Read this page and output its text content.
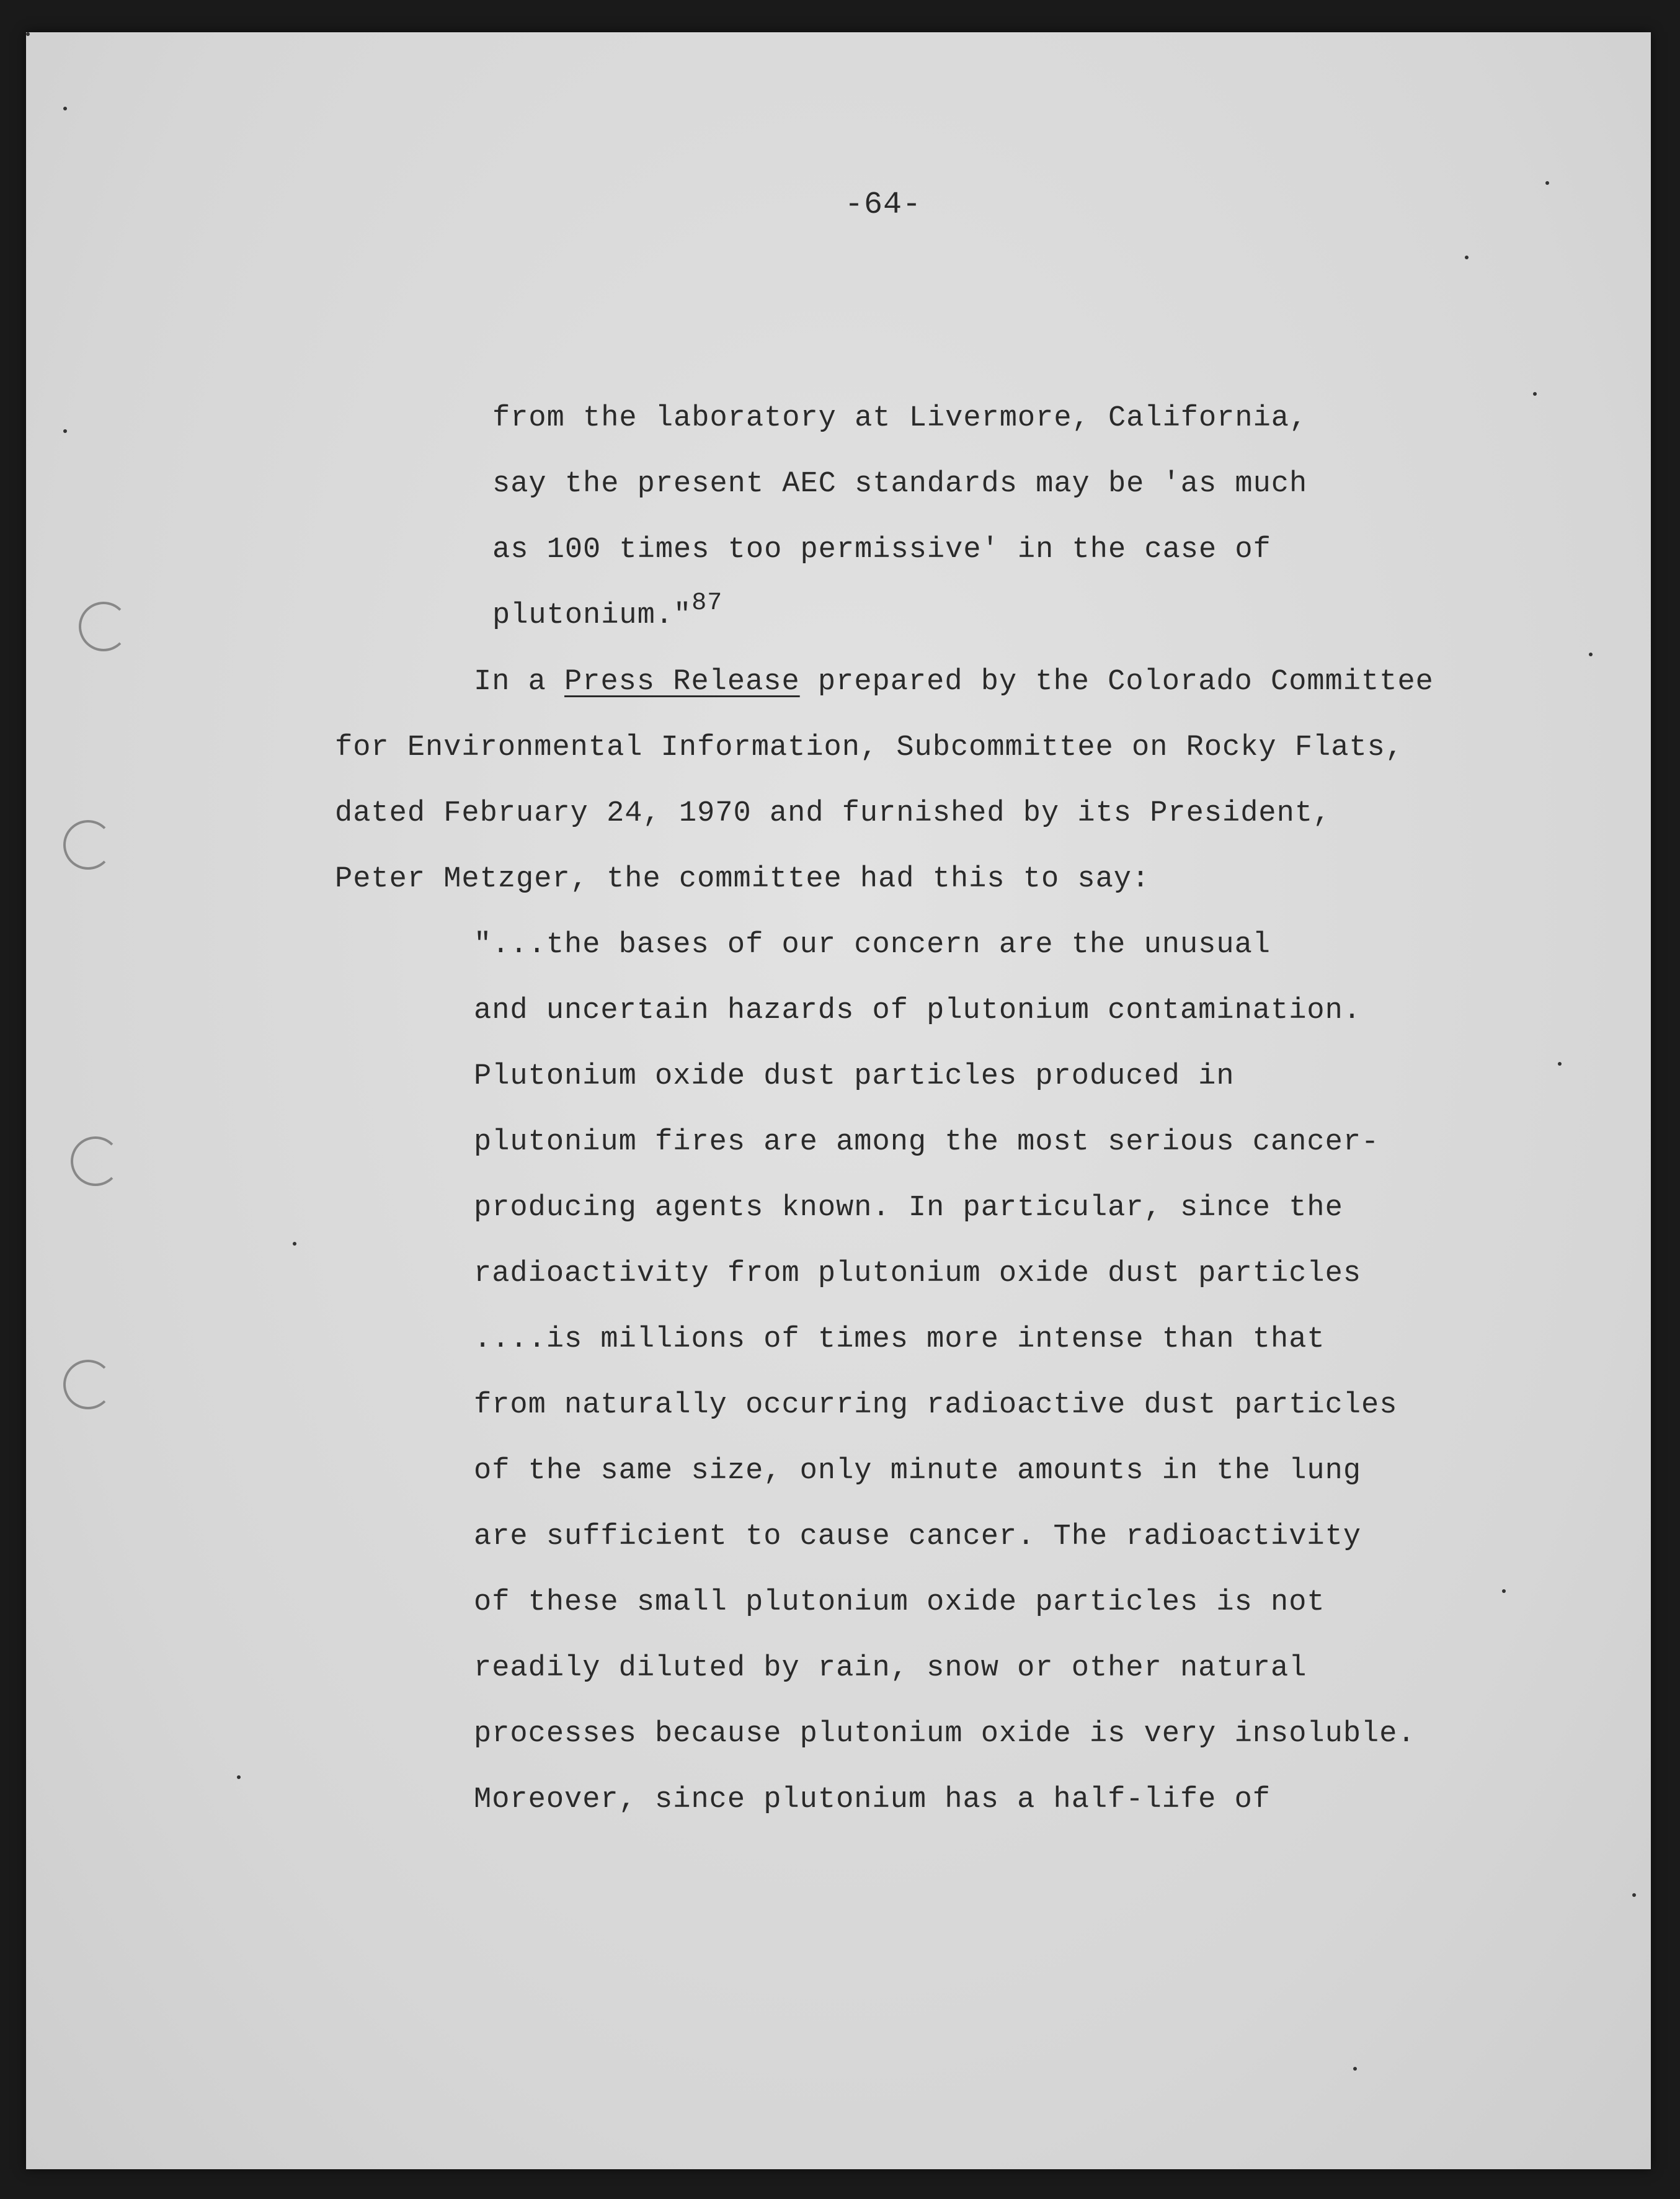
-64-
from the laboratory at Livermore, California,
say the present AEC standards may be 'as much
as 100 times too permissive' in the case of
plutonium."87
In a Press Release prepared by the Colorado Committee
for Environmental Information, Subcommittee on Rocky Flats,
dated February 24, 1970 and furnished by its President,
Peter Metzger, the committee had this to say:
"...the bases of our concern are the unusual
and uncertain hazards of plutonium contamination.
Plutonium oxide dust particles produced in
plutonium fires are among the most serious cancer-
producing agents known. In particular, since the
radioactivity from plutonium oxide dust particles
....is millions of times more intense than that
from naturally occurring radioactive dust particles
of the same size, only minute amounts in the lung
are sufficient to cause cancer. The radioactivity
of these small plutonium oxide particles is not
readily diluted by rain, snow or other natural
processes because plutonium oxide is very insoluble.
Moreover, since plutonium has a half-life of
